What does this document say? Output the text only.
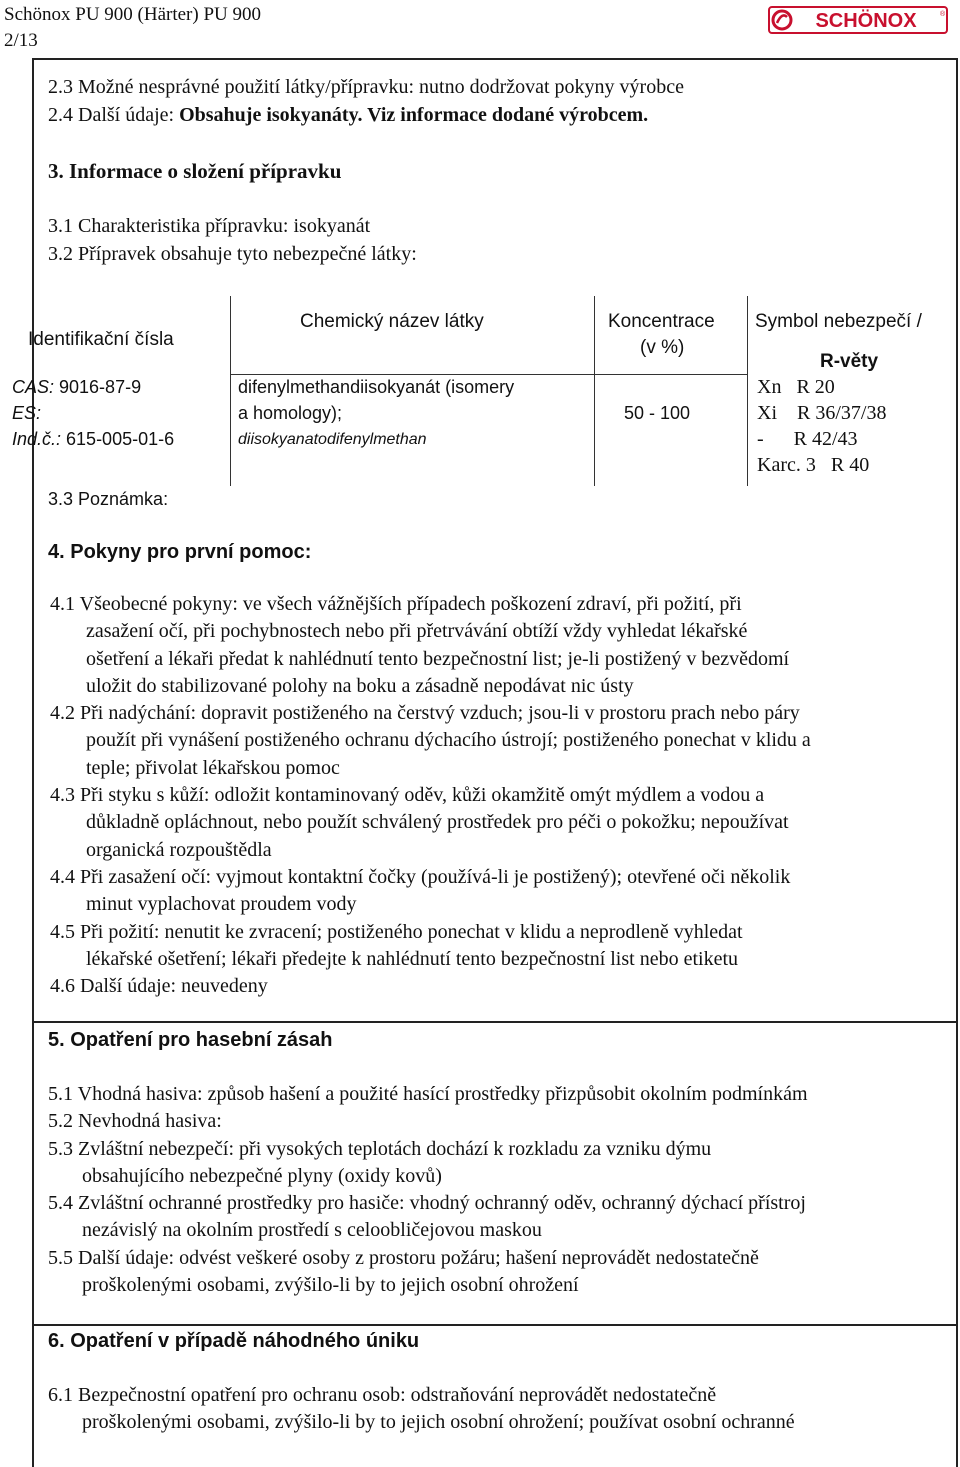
Schönox PU 900 (Härter) PU 900
2/13
SCHÖNOX	®
2.3 Možné nesprávné použití látky/přípravku: nutno dodržovat pokyny výrobce
2.4 Další údaje: Obsahuje isokyanáty. Viz informace dodané výrobcem.
3. Informace o složení přípravku
3.1 Charakteristika přípravku: isokyanát
3.2 Přípravek obsahuje tyto nebezpečné látky:
Identifikační čísla
Chemický název látky	Koncentrace
(v %)
Symbol nebezpečí /
R-věty
CAS: 9016-87-9
ES:
Ind.č.: 615-005-01-6
difenylmethandiisokyanát (isomery
a homology);
diisokyanatodifenylmethan
50 - 100
Xn   R 20
Xi    R 36/37/38
-      R 42/43
Karc. 3   R 40
3.3 Poznámka:
4. Pokyny pro první pomoc:
4.1 Všeobecné pokyny: ve všech vážnějších případech poškození zdraví, při požití, při
zasažení očí, při pochybnostech nebo při přetrvávání obtíží vždy vyhledat lékařské
ošetření a lékaři předat k nahlédnutí tento bezpečnostní list; je-li postižený v bezvědomí
uložit do stabilizované polohy na boku a zásadně nepodávat nic ústy
4.2 Při nadýchání: dopravit postiženého na čerstvý vzduch; jsou-li v prostoru prach nebo páry
použít při vynášení postiženého ochranu dýchacího ústrojí; postiženého ponechat v klidu a
teple; přivolat lékařskou pomoc
4.3 Při styku s kůží: odložit kontaminovaný oděv, kůži okamžitě omýt mýdlem a vodou a
důkladně opláchnout, nebo použít schválený prostředek pro péči o pokožku; nepoužívat
organická rozpouštědla
4.4 Při zasažení očí: vyjmout kontaktní čočky (používá-li je postižený); otevřené oči několik
minut vyplachovat proudem vody
4.5 Při požití: nenutit ke zvracení; postiženého ponechat v klidu a neprodleně vyhledat
lékařské ošetření; lékaři předejte k nahlédnutí tento bezpečnostní list nebo etiketu
4.6 Další údaje: neuvedeny
5. Opatření pro hasební zásah
5.1 Vhodná hasiva: způsob hašení a použité hasící prostředky přizpůsobit okolním podmínkám
5.2 Nevhodná hasiva:
5.3 Zvláštní nebezpečí: při vysokých teplotách dochází k rozkladu za vzniku dýmu
obsahujícího nebezpečné plyny (oxidy kovů)
5.4 Zvláštní ochranné prostředky pro hasiče: vhodný ochranný oděv, ochranný dýchací přístroj
nezávislý na okolním prostředí s celoobličejovou maskou
5.5 Další údaje: odvést veškeré osoby z prostoru požáru; hašení neprovádět nedostatečně
proškolenými osobami, zvýšilo-li by to jejich osobní ohrožení
6. Opatření v případě náhodného úniku
6.1 Bezpečnostní opatření pro ochranu osob: odstraňování neprovádět nedostatečně
proškolenými osobami, zvýšilo-li by to jejich osobní ohrožení; používat osobní ochranné
